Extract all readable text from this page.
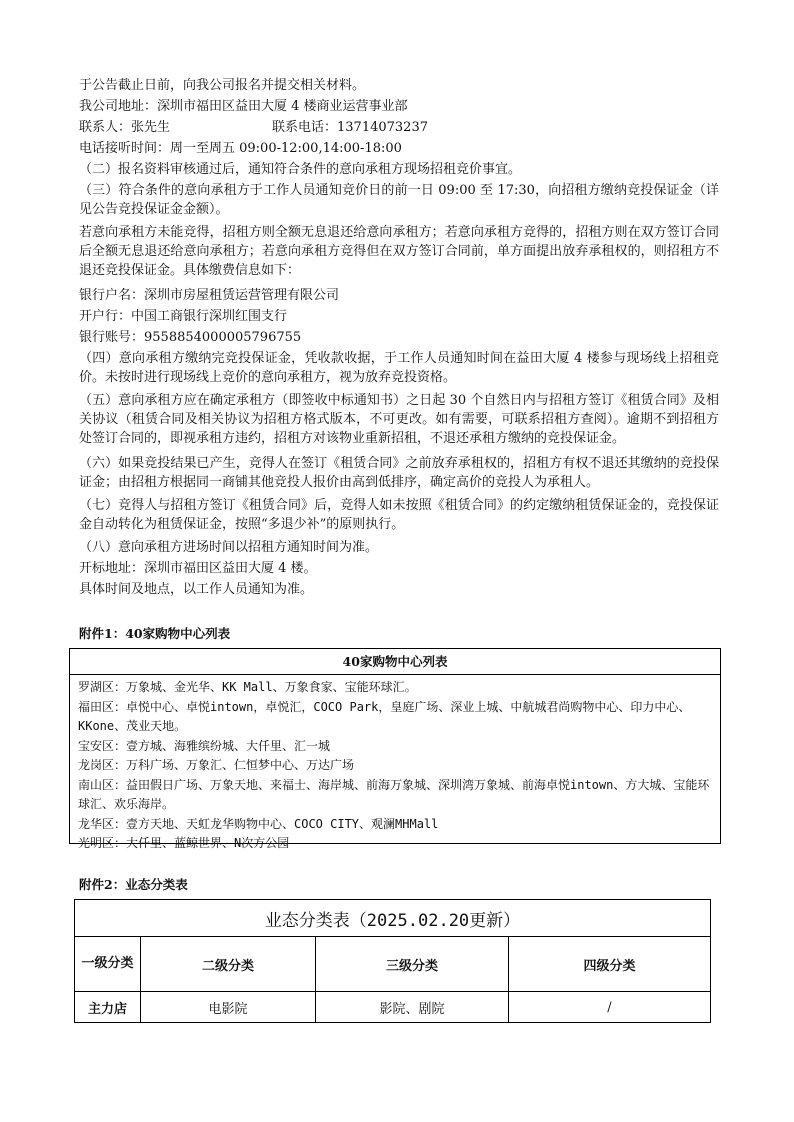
于公告截止日前，向我公司报名并提交相关材料。
我公司地址：深圳市福田区益田大厦 4 楼商业运营事业部
联系人：张先生	联系电话：13714073237
电话接听时间：周一至周五 09:00-12:00,14:00-18:00
（二）报名资料审核通过后，通知符合条件的意向承租方现场招租竞价事宜。
（三）符合条件的意向承租方于工作人员通知竞价日的前一日 09:00 至 17:30，向招租方缴纳竞投保证金（详见公告竞投保证金金额）。
若意向承租方未能竞得，招租方则全额无息退还给意向承租方；若意向承租方竞得的，招租方则在双方签订合同后全额无息退还给意向承租方；若意向承租方竞得但在双方签订合同前，单方面提出放弃承租权的，则招租方不退还竞投保证金。具体缴费信息如下：
银行户名：深圳市房屋租赁运营管理有限公司
开户行：中国工商银行深圳红围支行
银行账号：9558854000005796755
（四）意向承租方缴纳完竞投保证金，凭收款收据，于工作人员通知时间在益田大厦 4 楼参与现场线上招租竞价。未按时进行现场线上竞价的意向承租方，视为放弃竞投资格。
（五）意向承租方应在确定承租方（即签收中标通知书）之日起 30 个自然日内与招租方签订《租赁合同》及相关协议（租赁合同及相关协议为招租方格式版本，不可更改。如有需要，可联系招租方查阅）。逾期不到招租方处签订合同的，即视承租方违约，招租方对该物业重新招租，不退还承租方缴纳的竞投保证金。
（六）如果竞投结果已产生，竞得人在签订《租赁合同》之前放弃承租权的，招租方有权不退还其缴纳的竞投保证金；由招租方根据同一商铺其他竞投人报价由高到低排序，确定高价的竞投人为承租人。
（七）竞得人与招租方签订《租赁合同》后，竞得人如未按照《租赁合同》的约定缴纳租赁保证金的，竞投保证金自动转化为租赁保证金，按照“多退少补”的原则执行。
（八）意向承租方进场时间以招租方通知时间为准。
开标地址：深圳市福田区益田大厦 4 楼。
具体时间及地点，以工作人员通知为准。
附件1：40家购物中心列表
40家购物中心列表
罗湖区：万象城、金光华、KK Mall、万象食家、宝能环球汇。
福田区：卓悦中心、卓悦intown，卓悦汇，COCO Park，皇庭广场、深业上城、中航城君尚购物中心、印力中心、KKone、茂业天地。
宝安区：壹方城、海雅缤纷城、大仟里、汇一城
龙岗区：万科广场、万象汇、仁恒梦中心、万达广场
南山区：益田假日广场、万象天地、来福士、海岸城、前海万象城、深圳湾万象城、前海卓悦intown、方大城、宝能环球汇、欢乐海岸。
龙华区：壹方天地、天虹龙华购物中心、COCO CITY、观澜MHMall
光明区：大仟里、蓝鲸世界、N次方公园
附件2：业态分类表
业态分类表（2025.02.20更新）			
一级分类	二级分类	三级分类	四级分类
主力店	电影院	影院、剧院	/
